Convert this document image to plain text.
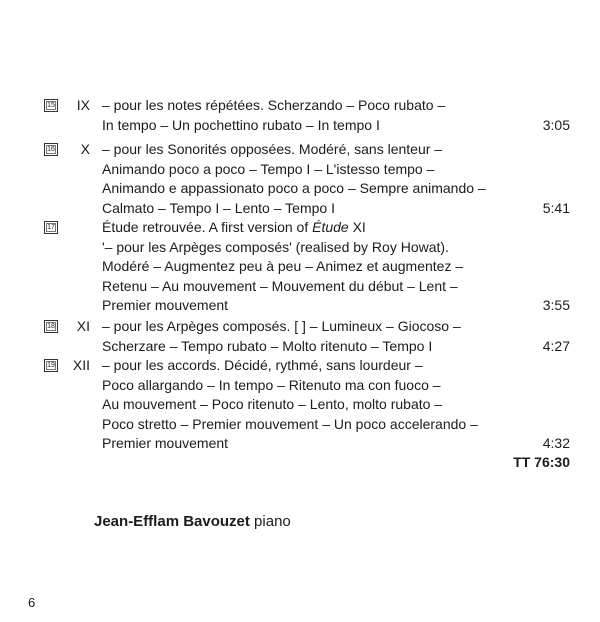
15	IX – pour les notes répétées. Scherzando – Poco rubato –
In tempo – Un pochettino rubato – In tempo I	3:05
16	X – pour les Sonorités opposées. Modéré, sans lenteur –
Animando poco a poco – Tempo I – L'istesso tempo –
Animando e appassionato poco a poco – Sempre animando –
Calmato – Tempo I – Lento – Tempo I	5:41
17	Étude retrouvée. A first version of Étude XI
'– pour les Arpèges composés' (realised by Roy Howat).
Modéré – Augmentez peu à peu – Animez et augmentez –
Retenu – Au mouvement – Mouvement du début – Lent –
Premier mouvement	3:55
18	XI – pour les Arpèges composés. [ ] – Lumineux – Giocoso –
Scherzare – Tempo rubato – Molto ritenuto – Tempo I	4:27
19	XII – pour les accords. Décidé, rythmé, sans lourdeur –
Poco allargando – In tempo – Ritenuto ma con fuoco –
Au mouvement – Poco ritenuto – Lento, molto rubato –
Poco stretto – Premier mouvement – Un poco accelerando –
Premier mouvement	4:32
TT 76:30
Jean-Efflam Bavouzet piano
6
